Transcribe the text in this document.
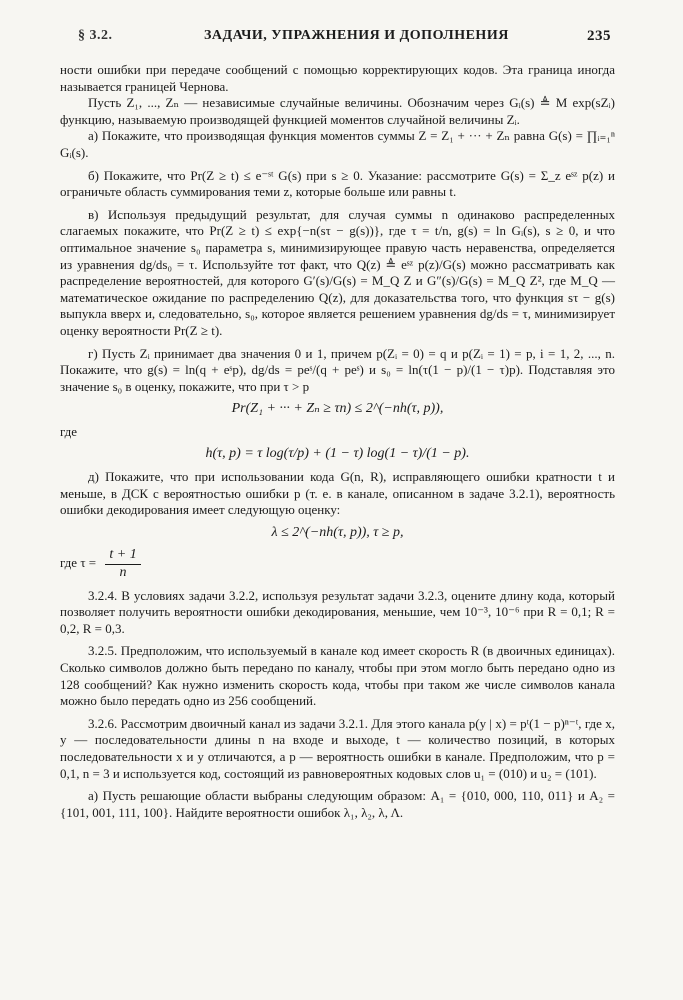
§ 3.2.	ЗАДАЧИ, УПРАЖНЕНИЯ И ДОПОЛНЕНИЯ	235

ности ошибки при передаче сообщений с помощью корректирующих кодов. Эта граница иногда называется границей Чернова.

Пусть Z₁, ..., Zₙ — независимые случайные величины. Обозначим через Gᵢ(s) ≜ M exp(sZᵢ) функцию, называемую производящей функцией моментов случайной величины Zᵢ.

а) Покажите, что производящая функция моментов суммы Z = Z₁ + ··· + Zₙ равна G(s) = ∏ᵢ₌₁ⁿ Gᵢ(s).

б) Покажите, что Pr(Z ≥ t) ≤ e⁻ˢᵗ G(s) при s ≥ 0. Указание: рассмотрите G(s) = Σ_z eˢᶻ p(z) и ограничьте область суммирования теми z, которые больше или равны t.

в) Используя предыдущий результат, для случая суммы n одинаково распределенных слагаемых покажите, что Pr(Z ≥ t) ≤ exp{−n(sτ − g(s))}, где τ = t/n, g(s) = ln Gᵢ(s), s ≥ 0, и что оптимальное значение s₀ параметра s, минимизирующее правую часть неравенства, определяется из уравнения dg/ds₀ = τ. Используйте тот факт, что Q(z) ≜ eˢᶻ p(z)/G(s) можно рассматривать как распределение вероятностей, для которого G′(s)/G(s) = M_Q Z и G″(s)/G(s) = M_Q Z², где M_Q — математическое ожидание по распределению Q(z), для доказательства того, что функция sτ − g(s) выпукла вверх и, следовательно, s₀, которое является решением уравнения dg/ds = τ, минимизирует оценку вероятности Pr(Z ≥ t).

г) Пусть Zᵢ принимает два значения 0 и 1, причем p(Zᵢ = 0) = q и p(Zᵢ = 1) = p, i = 1, 2, ..., n. Покажите, что g(s) = ln(q + eˢp), dg/ds = peˢ/(q + peˢ) и s₀ = ln(τ(1 − p)/(1 − τ)p). Подставляя это значение s₀ в оценку, покажите, что при τ > p

Pr(Z₁ + ··· + Zₙ ≥ τn) ≤ 2^(−nh(τ, p)),

где

h(τ, p) = τ log(τ/p) + (1 − τ) log(1 − τ)/(1 − p).

д) Покажите, что при использовании кода G(n, R), исправляющего ошибки кратности t и меньше, в ДСК с вероятностью ошибки p (т. е. в канале, описанном в задаче 3.2.1), вероятность ошибки декодирования имеет следующую оценку:

λ ≤ 2^(−nh(τ, p)), τ ≥ p,

где $\tau = \frac{t + 1}{n}$

3.2.4. В условиях задачи 3.2.2, используя результат задачи 3.2.3, оцените длину кода, который позволяет получить вероятности ошибки декодирования, меньшие, чем 10⁻³, 10⁻⁶ при R = 0,1; R = 0,2, R = 0,3.

3.2.5. Предположим, что используемый в канале код имеет скорость R (в двоичных единицах). Сколько символов должно быть передано по каналу, чтобы при этом могло быть передано одно из 128 сообщений? Как нужно изменить скорость кода, чтобы при таком же числе символов канала можно было передать одно из 256 сообщений.

3.2.6. Рассмотрим двоичный канал из задачи 3.2.1. Для этого канала p(y | x) = pᵗ(1 − p)ⁿ⁻ᵗ, где x, y — последовательности длины n на входе и выходе, t — количество позиций, в которых последовательности x и y отличаются, а p — вероятность ошибки в канале. Предположим, что p = 0,1, n = 3 и используется код, состоящий из равновероятных кодовых слов u₁ = (010) и u₂ = (101).

а) Пусть решающие области выбраны следующим образом: A₁ = {010, 000, 110, 011} и A₂ = {101, 001, 111, 100}. Найдите вероятности ошибок λ₁, λ₂, λ, Λ.
